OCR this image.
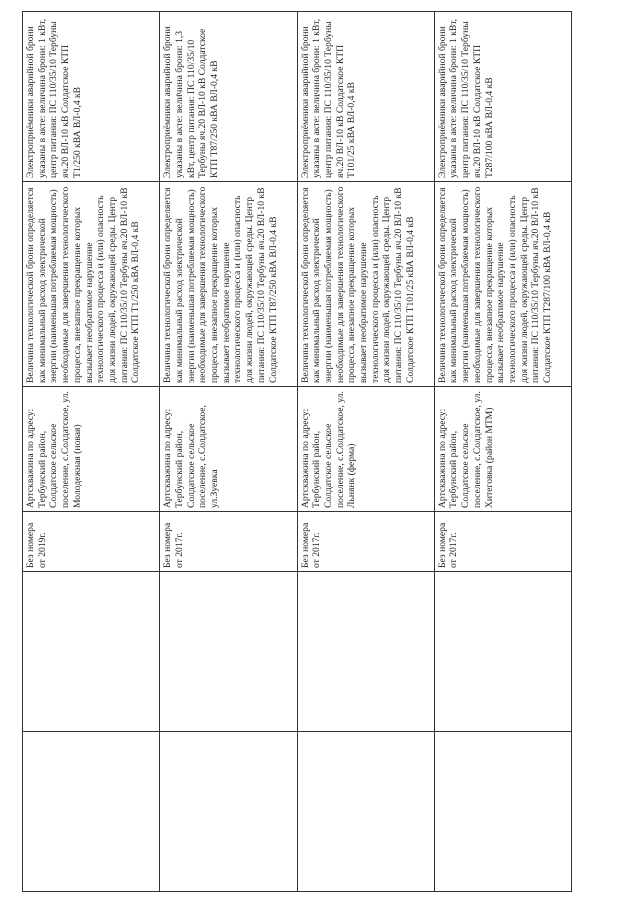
		Без номера от 2019г.	Артскважина по адресу: Тербунский район, Солдатское сельское поселение, с.Солдатское, ул. Молодежная (новая)	Величина технологической брони определяется как минимальный расход электрической энергии (наименьшая потребляемая мощность) необходимые для завершения технологического процесса, внезапное прекращение которых вызывает необратимое нарушение технологического процесса и (или) опасность для жизни людей, окружающей среды. Центр питания: ПС 110/35/10 Тербуны яч.20 ВЛ-10 кВ Солдатское КТП Т1/250 кВА ВЛ-0,4 кВ	Электроприёмники аварийной брони указаны в акте: величина брони: 1 кВт, центр питания: ПС 110/35/10 Тербуны яч.20 ВЛ-10 кВ Солдатское КТП Т1/250 кВА ВЛ-0,4 кВ
		Без номера от 2017г.	Артскважина по адресу: Тербунский район, Солдатское сельское поселение, с.Солдатское, ул.Зуевка	Величина технологической брони определяется как минимальный расход электрической энергии (наименьшая потребляемая мощность) необходимые для завершения технологического процесса, внезапное прекращение которых вызывает необратимое нарушение технологического процесса и (или) опасность для жизни людей, окружающей среды. Центр питания: ПС 110/35/10 Тербуны яч.20 ВЛ-10 кВ Солдатское КТП Т87/250 кВА ВЛ-0,4 кВ	Электроприёмники аварийной брони указаны в акте: величина брони: 1,3 кВт, центр питания: ПС 110/35/10 Тербуны яч.20 ВЛ-10 кВ Солдатское КТП Т87/250 кВА ВЛ-0,4 кВ
		Без номера от 2017г.	Артскважина по адресу: Тербунский район, Солдатское сельское поселение, с.Солдатское, ул. Льнянк (ферма)	Величина технологической брони определяется как минимальный расход электрической энергии (наименьшая потребляемая мощность) необходимые для завершения технологического процесса, внезапное прекращение которых вызывает необратимое нарушение технологического процесса и (или) опасность для жизни людей, окружающей среды. Центр питания: ПС 110/35/10 Тербуны яч.20 ВЛ-10 кВ Солдатское КТП Т101/25 кВА ВЛ-0,4 кВ	Электроприёмники аварийной брони указаны в акте: величина брони: 1 кВт, центр питания: ПС 110/35/10 Тербуны яч.20 ВЛ-10 кВ Солдатское КТП Т101/25 кВА ВЛ-0,4 кВ
		Без номера от 2017г.	Артскважина по адресу: Тербунский район, Солдатское сельское поселение, с.Солдатское, ул. Хитеговка (район МТМ)	Величина технологической брони определяется как минимальный расход электрической энергии (наименьшая потребляемая мощность) необходимые для завершения технологического процесса, внезапное прекращение которых вызывает необратимое нарушение технологического процесса и (или) опасность для жизни людей, окружающей среды. Центр питания: ПС 110/35/10 Тербуны яч.20 ВЛ-10 кВ Солдатское КТП Т287/100 кВА ВЛ-0,4 кВ	Электроприёмники аварийной брони указаны в акте: величина брони: 1 кВт, центр питания: ПС 110/35/10 Тербуны яч.20 ВЛ-10 кВ Солдатское КТП Т287/100 кВА ВЛ-0,4 кВ
